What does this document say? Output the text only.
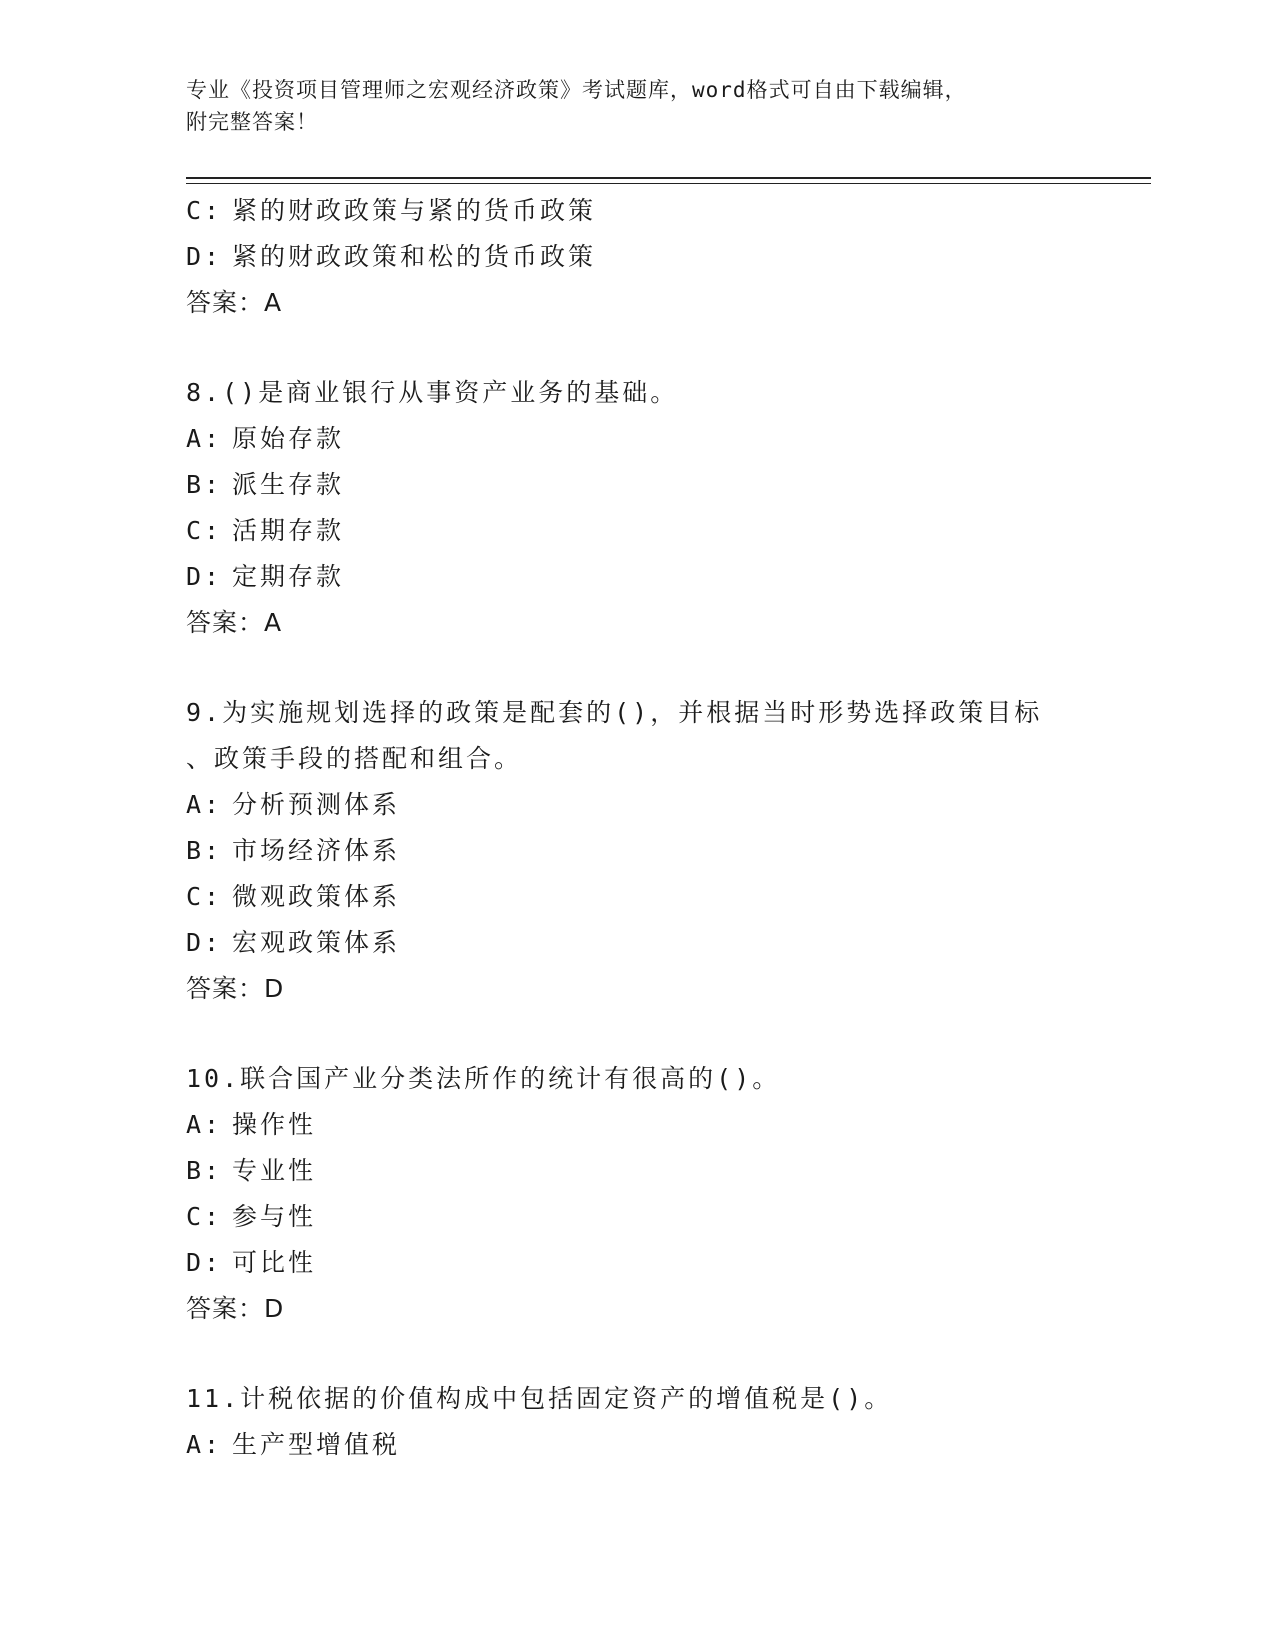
专业《投资项目管理师之宏观经济政策》考试题库，word格式可自由下载编辑，
附完整答案！
C: 紧的财政政策与紧的货币政策
D: 紧的财政政策和松的货币政策
答案：A
8.()是商业银行从事资产业务的基础。
A: 原始存款
B: 派生存款
C: 活期存款
D: 定期存款
答案：A
9.为实施规划选择的政策是配套的()，并根据当时形势选择政策目标
、政策手段的搭配和组合。
A: 分析预测体系
B: 市场经济体系
C: 微观政策体系
D: 宏观政策体系
答案：D
10.联合国产业分类法所作的统计有很高的()。
A: 操作性
B: 专业性
C: 参与性
D: 可比性
答案：D
11.计税依据的价值构成中包括固定资产的增值税是()。
A: 生产型增值税
